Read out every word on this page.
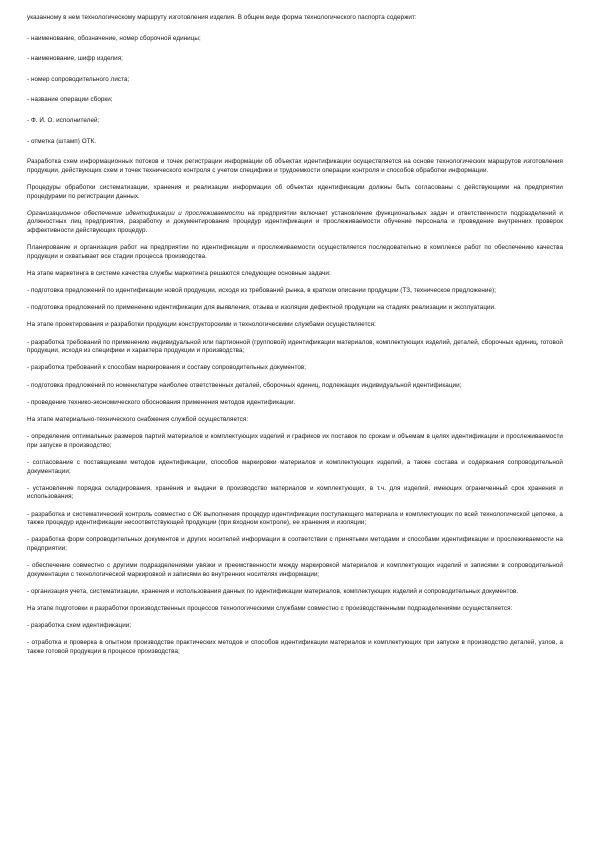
указанному в нем технологическому маршруту изготовления изделия. В общем виде форма технологического паспорта содержит:

- наименование, обозначение, номер сборочной единицы;

- наименование, шифр изделия;

- номер сопроводительного листа;

- название операции сборки;

- Ф. И. О. исполнителей;

- отметка (штамп) ОТК.

Разработка схем информационных потоков и точек регистрации информации об объектах идентификации осуществляется на основе технологических маршрутов изготовления продукции, действующих схем и точек технического контроля с учетом специфики и трудоемкости операции контроля и способов обработки информации.

Процедуры обработки систематизации, хранения и реализации информации об объектах идентификации должны быть согласованы с действующими на предприятии процедурами по регистрации данных.

Организационное обеспечение идентификации и прослеживаемости на предприятии включает установление функциональных задач и ответственности подразделений и должностных лиц предприятия, разработку и документирование процедур идентификации и прослеживаемости обучение персонала и проведение внутренних проверок эффективности действующих процедур.

Планирование и организация работ на предприятии по идентификации и прослеживаемости осуществляется последовательно в комплексе работ по обеспечению качества продукции и охватывает все стадии процесса производства.

На этапе маркетинга в системе качества службы маркетинга решаются следующие основные задачи:

- подготовка предложений по идентификации новой продукции, исходя из требований рынка, в кратком описании продукции (ТЗ, техническое предложение);

- подготовка предложений по применению идентификации для выявления, отзыва и изоляции дефектной продукции на стадиях реализации и эксплуатации.

На этапе проектирования и разработки продукции конструкторскими и технологическими службами осуществляется:

- разработка требований по применению индивидуальной или партионной (групповой) идентификации материалов, комплектующих изделий, деталей, сборочных единиц, готовой продукции, исходя из специфики и характера продукции и производства;

- разработка требований к способам маркирования и составу сопроводительных документов;

- подготовка предложений по номенклатуре наиболее ответственных деталей, сборочных единиц, подлежащих индивидуальной идентификации;

- проведение технико-экономического обоснования применения методов идентификации.

На этапе материально-технического снабжения службой осуществляется:

- определение оптимальных размеров партий материалов и комплектующих изделий и графиков их поставок по срокам и объемам в целях идентификации и прослеживаемости при запуске в производство;

- согласование с поставщиками методов идентификации, способов маркировки материалов и комплектующих изделий, а также состава и содержания сопроводительной документации;

- установление порядка складирования, хранения и выдачи в производство материалов и комплектующих, в т.ч. для изделий, имеющих ограниченный срок хранения и использования;

- разработка и систематический контроль совместно с ОК выполнения процедур идентификации поступающего материала и комплектующих по всей технологической цепочке, а также процедур идентификации несоответствующей продукции (при входном контроле), ее хранения и изоляции;

- разработка форм сопроводительных документов и других носителей информации в соответствии с принятыми методами и способами идентификации и прослеживаемости на предприятии;

- обеспечение совместно с другими подразделениями увязки и преемственности между маркировкой материалов и комплектующих изделий и записями в сопроводительной документации с технологической маркировкой и записями во внутренних носителях информации;

- организация учета, систематизации, хранения и использования данных по идентификации материалов, комплектующих изделий и сопроводительных документов.

На этапе подготовки и разработки производственных процессов технологическими службами совместно с производственными подразделениями осуществляется:

- разработка схем идентификации;

- отработка и проверка в опытном производстве практических методов и способов идентификации материалов и комплектующих при запуске в производство деталей, узлов, а также готовой продукции в процессе производства;
